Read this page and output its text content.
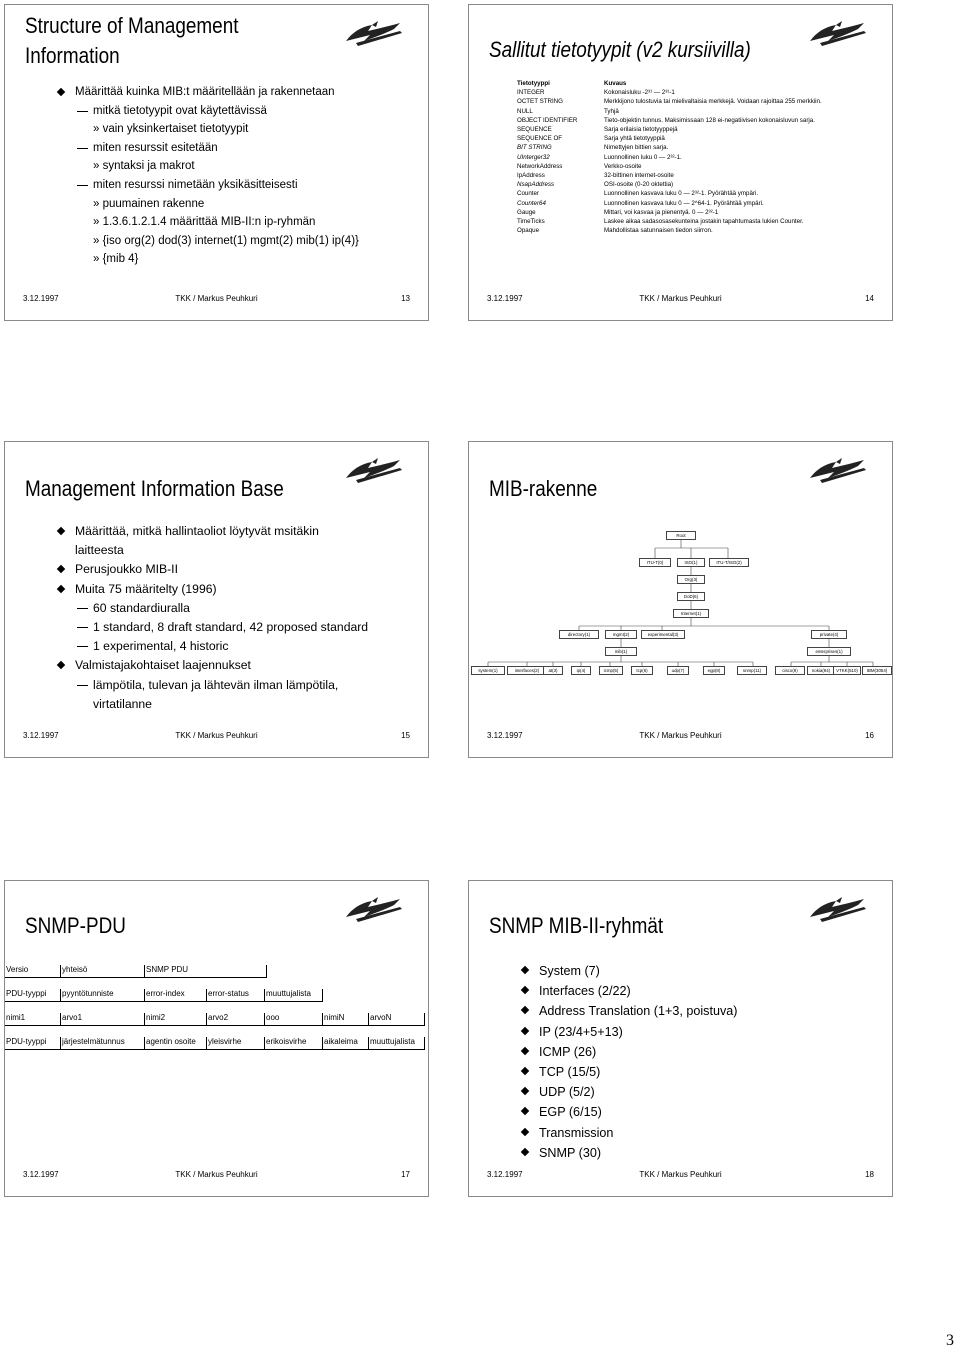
Structure of Management
Information
Määrittää kuinka MIB:t määritellään ja rakennetaan
mitkä tietotyypit ovat käytettävissä
» vain yksinkertaiset tietotyypit
miten resurssit esitetään
» syntaksi ja makrot
miten resurssi nimetään yksikäsitteisesti
» puumainen rakenne
» 1.3.6.1.2.1.4 määrittää MIB-II:n ip-ryhmän
» {iso org(2) dod(3) internet(1) mgmt(2) mib(1) ip(4)}
» {mib 4}
3.12.1997	TKK / Markus Peuhkuri	13
Sallitut tietotyypit (v2 kursiivilla)
Tietotyyppi	Kuvaus
INTEGER	Kokonaisluku -2³¹ — 2³¹-1
OCTET STRING	Merkkijono tulostuvia tai mielivaltaisia merkkejä. Voidaan rajoittaa 255 merkkiin.
NULL	Tyhjä
OBJECT IDENTIFIER	Tieto-objektin tunnus. Maksimissaan 128 ei-negatiivisen kokonaisluvun sarja.
SEQUENCE	Sarja erilaisia tietotyyppejä
SEQUENCE OF	Sarja yhtä tietotyyppiä
BIT STRING	Nimettyjen bittien sarja.
UInterger32	Luonnollinen luku 0 — 2³²-1.
NetworkAddress	Verkko-osoite
IpAddress	32-bittinen internet-osoite
NsapAddress	OSI-osoite (0-20 oktettia)
Counter	Luonnollinen kasvava luku 0 — 2³²-1. Pyörähtää ympäri.
Counter64	Luonnollinen kasvava luku 0 — 2^64-1. Pyörähtää ympäri.
Gauge	Mittari, voi kasvaa ja pienentyä. 0 — 2³²-1
TimeTicks	Laskee aikaa sadasosasekunteina jostakin tapahtumasta lukien Counter.
Opaque	Mahdollistaa satunnaisen tiedon siirron.
3.12.1997	TKK / Markus Peuhkuri	14
Management Information Base
Määrittää, mitkä hallintaoliot löytyvät msitäkin
laitteesta
Perusjoukko MIB-II
Muita 75 määritelty (1996)
60 standardiuralla
1 standard, 8 draft standard, 42 proposed standard
1 experimental, 4 historic
Valmistajakohtaiset laajennukset
lämpötila, tulevan ja lähtevän ilman lämpötila,
virtatilanne
3.12.1997	TKK / Markus Peuhkuri	15
MIB-rakenne
Root
ITU-T(0)	ISO(1)	ITU-T/ISO(2)
Org(3)
DoD(6)
Internet(1)
directory(1)	mgmt(2)	experimental(3)	private(4)
mib(1)	enterprises(1)
system(1)	interfaces(2)	at(3)	ip(4)	icmp(5)	tcp(6)	udp(7)	egp(8)	snmp(11)	cisco(9)	nokia(94)	VTKK(510)	IBM(3054)
3.12.1997	TKK / Markus Peuhkuri	16
SNMP-PDU
Versio	yhteisö	SNMP PDU
PDU-tyyppi	pyyntötunniste	error-index	error-status	muuttujalista
nimi1	arvo1	nimi2	arvo2	ooo	nimiN	arvoN
PDU-tyyppi	järjestelmätunnus	agentin osoite	yleisvirhe	erikoisvirhe	aikaleima	muuttujalista
3.12.1997	TKK / Markus Peuhkuri	17
SNMP MIB-II-ryhmät
System (7)
Interfaces (2/22)
Address Translation (1+3, poistuva)
IP (23/4+5+13)
ICMP (26)
TCP (15/5)
UDP (5/2)
EGP (6/15)
Transmission
SNMP (30)
3.12.1997	TKK / Markus Peuhkuri	18
3
